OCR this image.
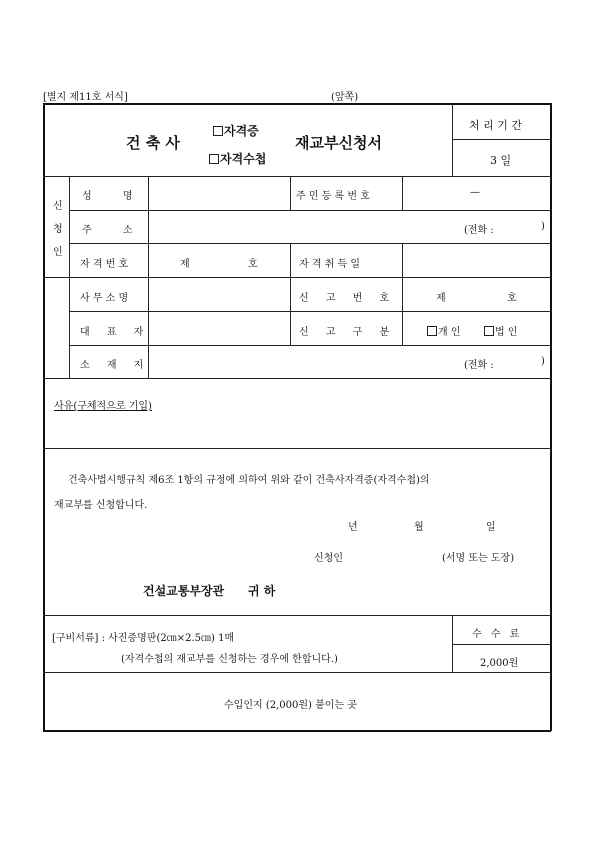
[별지 제11호 서식]	(앞쪽)
건 축 사
자격증
자격수첩
재교부신청서
처 리 기 간
3 일
신
청
인
성 명	주 민 등 록 번 호	—
주 소	(전화 :	)
자 격 번 호	제	호	자 격 취 득 일
사 무 소 명	신 고 번 호	제	호
대 표 자	신 고 구 분	개 인	법 인
소 재 지	(전화 :	)
사유(구체적으로 기입)
건축사법시행규칙 제6조 1항의 규정에 의하여 위와 같이 건축사자격증(자격수첩)의
재교부를 신청합니다.
년	월	일
신청인	(서명 또는 도장)
건설교통부장관 귀 하
[구비서류] : 사진증명판(2㎝×2.5㎝) 1매
(자격수첩의 재교부를 신청하는 경우에 한합니다.)
수 수 료
2,000원
수입인지 (2,000원) 붙이는 곳
